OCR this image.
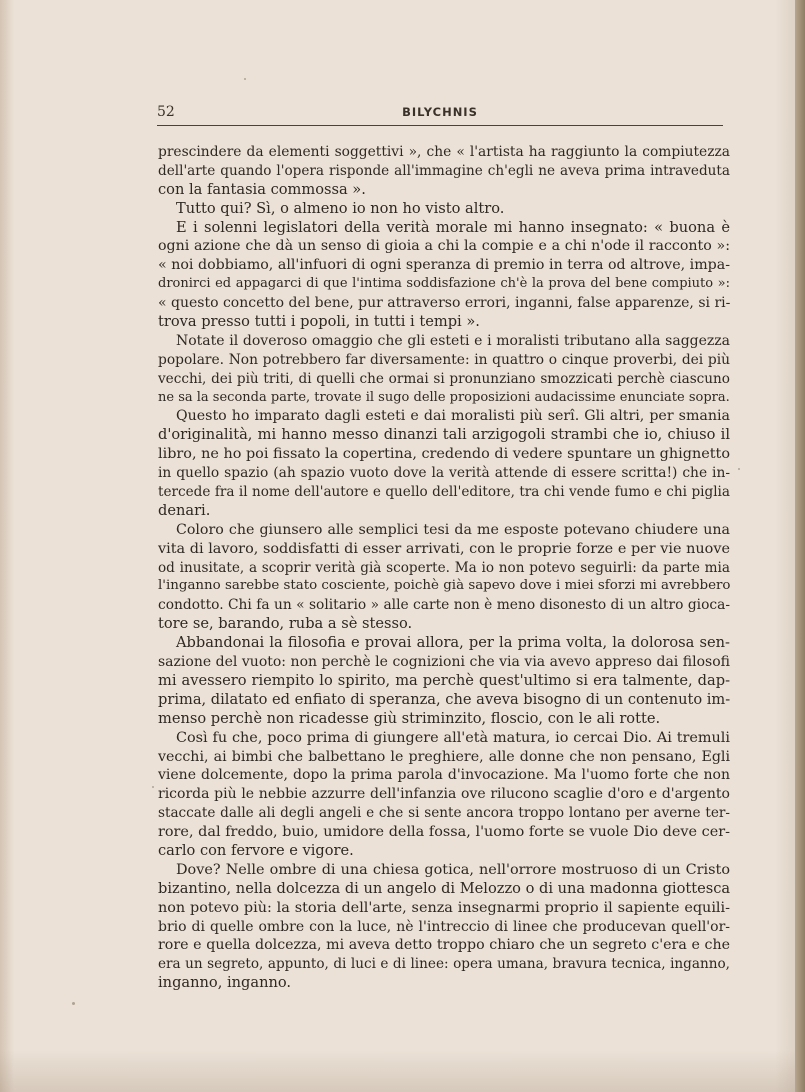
52	BILYCHNIS
prescindere da elementi soggettivi », che « l'artista ha raggiunto la compiutezza
dell'arte quando l'opera risponde all'immagine ch'egli ne aveva prima intraveduta
con la fantasia commossa ».
Tutto qui? Sì, o almeno io non ho visto altro.
E i solenni legislatori della verità morale mi hanno insegnato: « buona è
ogni azione che dà un senso di gioia a chi la compie e a chi n'ode il racconto »:
« noi dobbiamo, all'infuori di ogni speranza di premio in terra od altrove, impa-
dronirci ed appagarci di que l'intima soddisfazione ch'è la prova del bene compiuto »:
« questo concetto del bene, pur attraverso errori, inganni, false apparenze, si ri-
trova presso tutti i popoli, in tutti i tempi ».
Notate il doveroso omaggio che gli esteti e i moralisti tributano alla saggezza
popolare. Non potrebbero far diversamente: in quattro o cinque proverbi, dei più
vecchi, dei più triti, di quelli che ormai si pronunziano smozzicati perchè ciascuno
ne sa la seconda parte, trovate il sugo delle proposizioni audacissime enunciate sopra.
Questo ho imparato dagli esteti e dai moralisti più serî. Gli altri, per smania
d'originalità, mi hanno messo dinanzi tali arzigogoli strambi che io, chiuso il
libro, ne ho poi fissato la copertina, credendo di vedere spuntare un ghignetto
in quello spazio (ah spazio vuoto dove la verità attende di essere scritta!) che in-
tercede fra il nome dell'autore e quello dell'editore, tra chi vende fumo e chi piglia
denari.
Coloro che giunsero alle semplici tesi da me esposte potevano chiudere una
vita di lavoro, soddisfatti di esser arrivati, con le proprie forze e per vie nuove
od inusitate, a scoprir verità già scoperte. Ma io non potevo seguirli: da parte mia
l'inganno sarebbe stato cosciente, poichè già sapevo dove i miei sforzi mi avrebbero
condotto. Chi fa un « solitario » alle carte non è meno disonesto di un altro gioca-
tore se, barando, ruba a sè stesso.
Abbandonai la filosofia e provai allora, per la prima volta, la dolorosa sen-
sazione del vuoto: non perchè le cognizioni che via via avevo appreso dai filosofi
mi avessero riempito lo spirito, ma perchè quest'ultimo si era talmente, dap-
prima, dilatato ed enfiato di speranza, che aveva bisogno di un contenuto im-
menso perchè non ricadesse giù striminzito, floscio, con le ali rotte.
Così fu che, poco prima di giungere all'età matura, io cercai Dio. Ai tremuli
vecchi, ai bimbi che balbettano le preghiere, alle donne che non pensano, Egli
viene dolcemente, dopo la prima parola d'invocazione. Ma l'uomo forte che non
ricorda più le nebbie azzurre dell'infanzia ove rilucono scaglie d'oro e d'argento
staccate dalle ali degli angeli e che si sente ancora troppo lontano per averne ter-
rore, dal freddo, buio, umidore della fossa, l'uomo forte se vuole Dio deve cer-
carlo con fervore e vigore.
Dove? Nelle ombre di una chiesa gotica, nell'orrore mostruoso di un Cristo
bizantino, nella dolcezza di un angelo di Melozzo o di una madonna giottesca
non potevo più: la storia dell'arte, senza insegnarmi proprio il sapiente equili-
brio di quelle ombre con la luce, nè l'intreccio di linee che producevan quell'or-
rore e quella dolcezza, mi aveva detto troppo chiaro che un segreto c'era e che
era un segreto, appunto, di luci e di linee: opera umana, bravura tecnica, inganno,
inganno, inganno.
